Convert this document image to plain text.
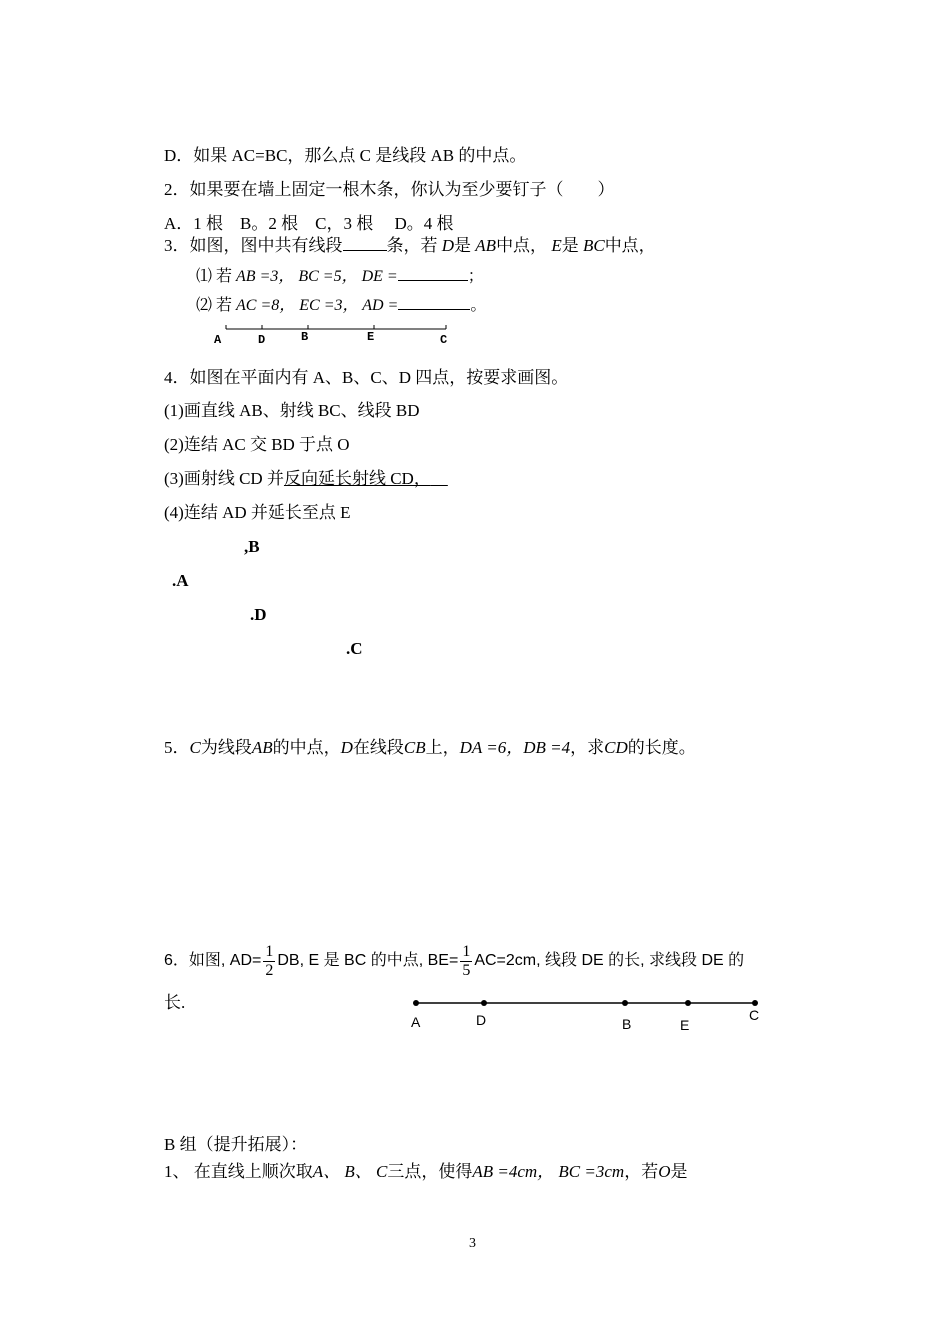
D．如果 AC=BC，那么点 C 是线段 AB 的中点。
2．如果要在墙上固定一根木条，你认为至少要钉子（　　）
A．1 根　B。2 根　C，3 根　 D。4 根
3．如图，图中共有线段	条，若 D是 AB中点， E是 BC中点，
⑴ 若 AB =3， BC =5， DE =	；
⑵ 若 AC =8， EC =3， AD =	。
A	D	B	E	C
4．如图在平面内有 A、B、C、D 四点，按要求画图。
(1)画直线 AB、射线 BC、线段 BD
(2)连结 AC 交 BD 于点 O
(3)画射线 CD 并反向延长射线 CD， 
(4)连结 AD 并延长至点 E
,B
.A
.D
.C
5．C为线段AB的中点，D在线段CB上，DA =6，DB =4，求CD的长度。
6．如图, $AD= \frac{1}{2}$ DB, E 是 BC 的中点, $BE= \frac{1}{5} AC=2cm$, 线段 DE 的长, 求线段 DE 的
长.
A	D	B	E
C
B 组（提升拓展）：
1、 在直线上顺次取A、 B、 C三点，使得AB =4cm， BC =3cm，若O是
3
